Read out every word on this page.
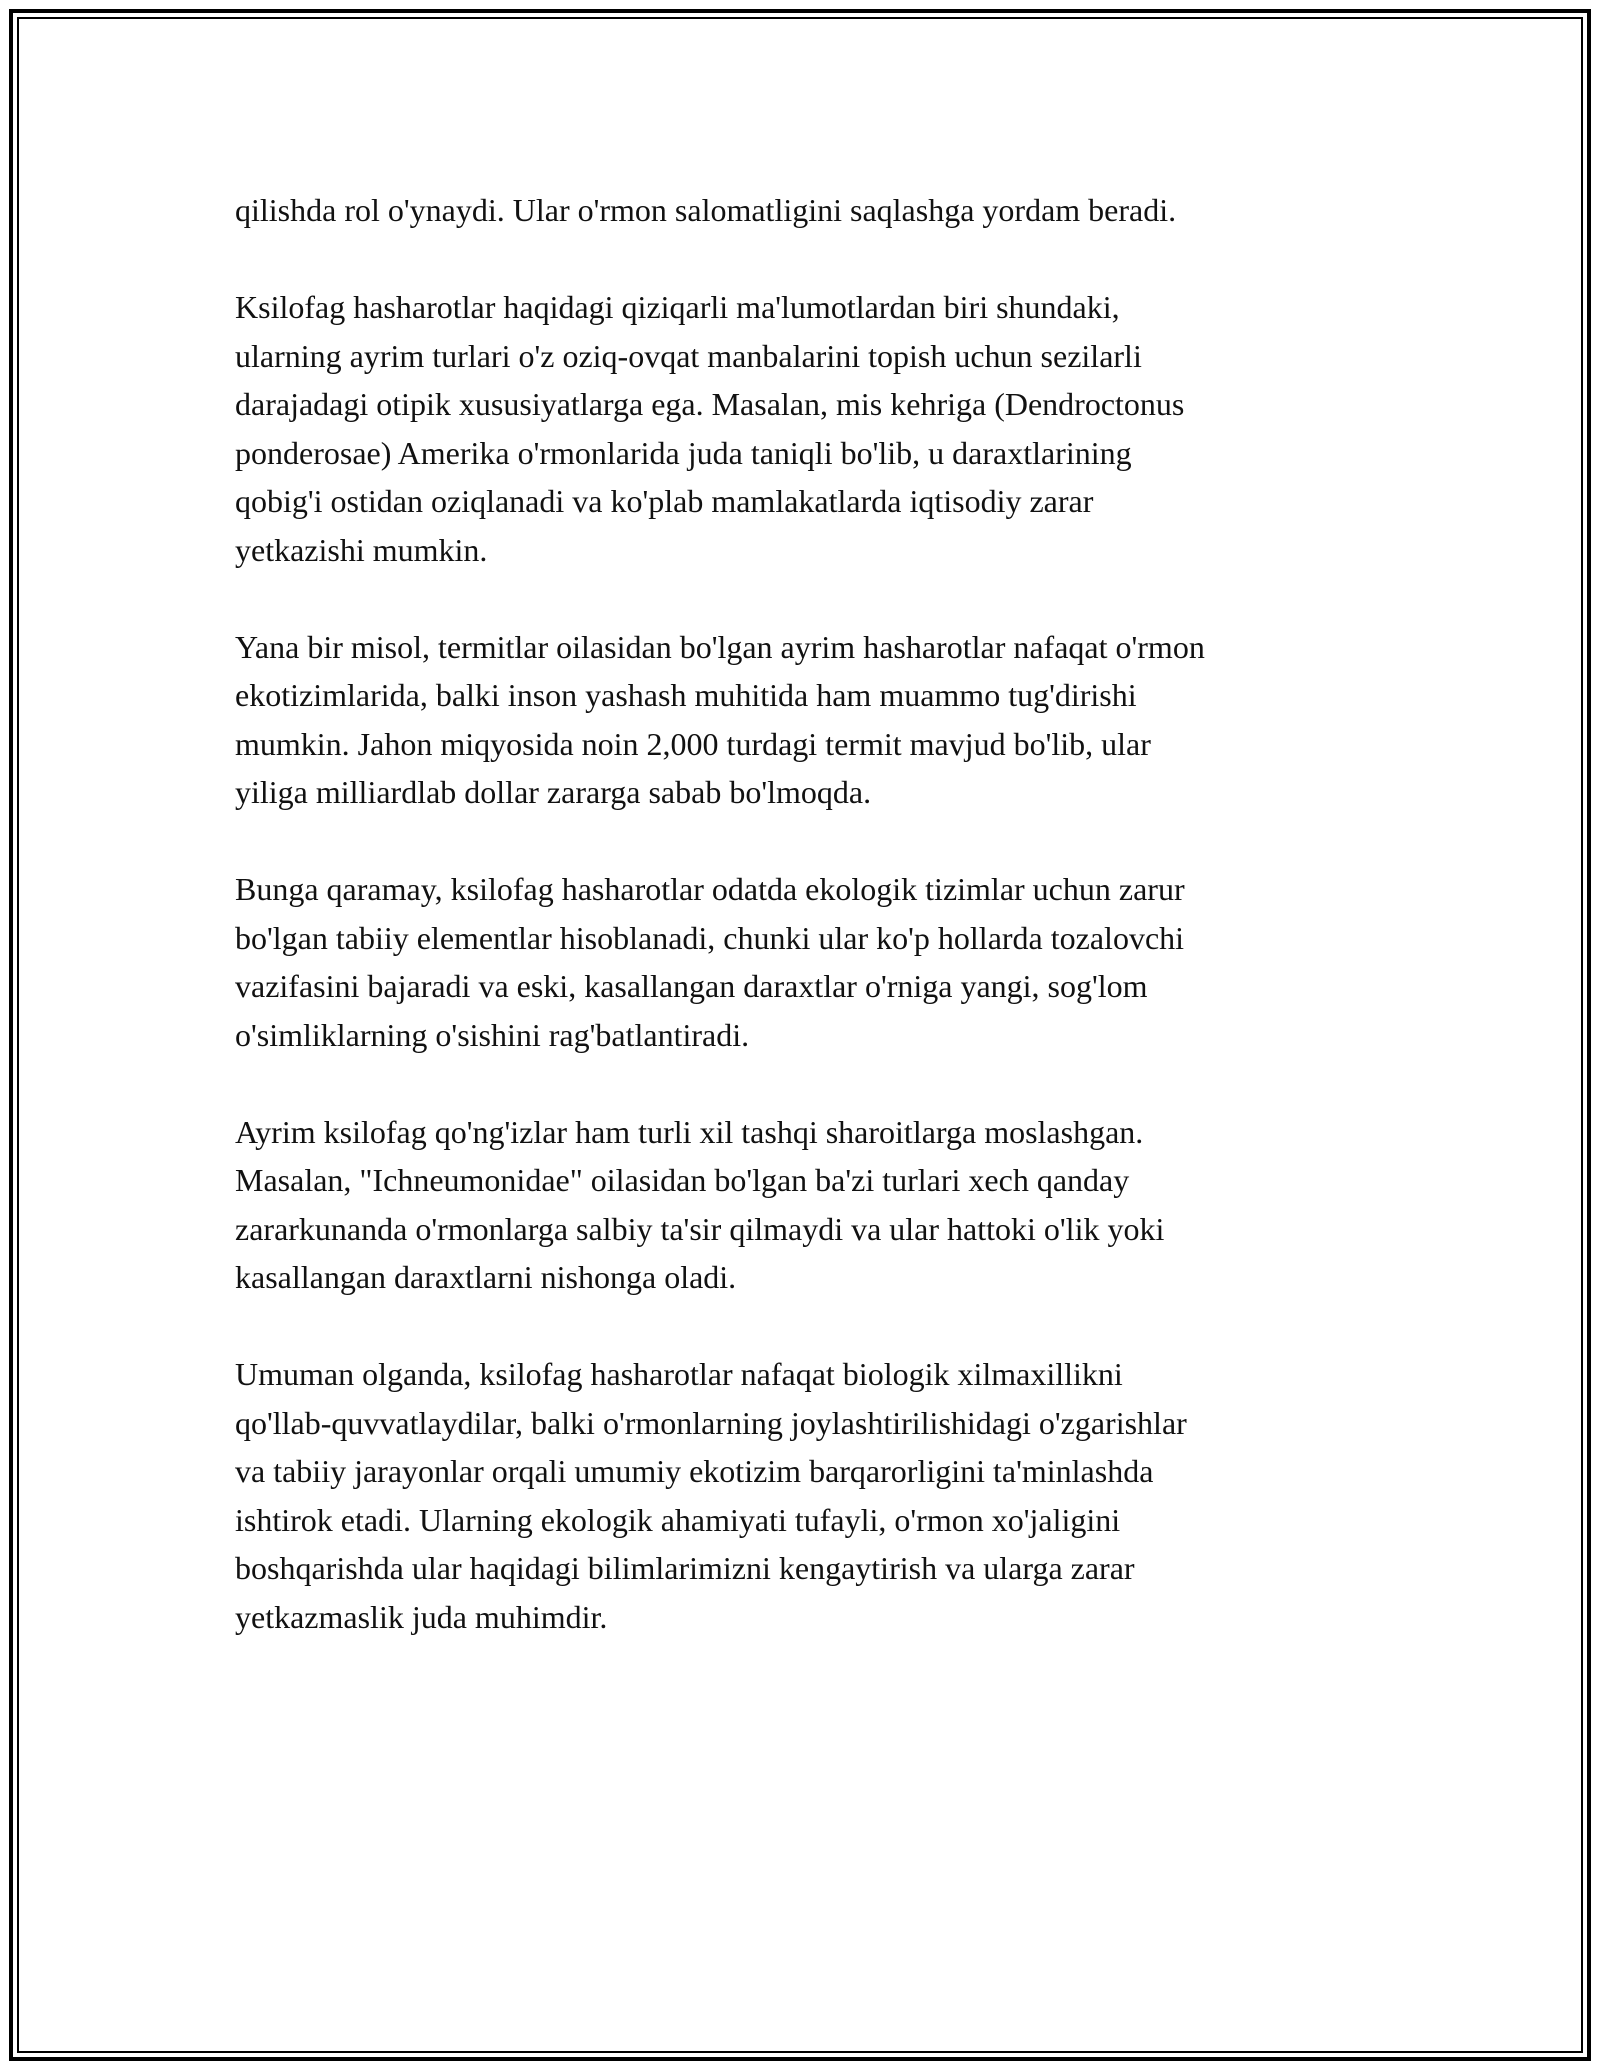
qilishda rol o'ynaydi. Ular o'rmon salomatligini saqlashga yordam beradi.

Ksilofag hasharotlar haqidagi qiziqarli ma'lumotlardan biri shundaki,
ularning ayrim turlari o'z oziq-ovqat manbalarini topish uchun sezilarli
darajadagi otipik xususiyatlarga ega. Masalan, mis kehriga (Dendroctonus
ponderosae) Amerika o'rmonlarida juda taniqli bo'lib, u daraxtlarining
qobig'i ostidan oziqlanadi va ko'plab mamlakatlarda iqtisodiy zarar
yetkazishi mumkin.

Yana bir misol, termitlar oilasidan bo'lgan ayrim hasharotlar nafaqat o'rmon
ekotizimlarida, balki inson yashash muhitida ham muammo tug'dirishi
mumkin. Jahon miqyosida noin 2,000 turdagi termit mavjud bo'lib, ular
yiliga milliardlab dollar zararga sabab bo'lmoqda.

Bunga qaramay, ksilofag hasharotlar odatda ekologik tizimlar uchun zarur
bo'lgan tabiiy elementlar hisoblanadi, chunki ular ko'p hollarda tozalovchi
vazifasini bajaradi va eski, kasallangan daraxtlar o'rniga yangi, sog'lom
o'simliklarning o'sishini rag'batlantiradi.

Ayrim ksilofag qo'ng'izlar ham turli xil tashqi sharoitlarga moslashgan.
Masalan, "Ichneumonidae" oilasidan bo'lgan ba'zi turlari xech qanday
zararkunanda o'rmonlarga salbiy ta'sir qilmaydi va ular hattoki o'lik yoki
kasallangan daraxtlarni nishonga oladi.

Umuman olganda, ksilofag hasharotlar nafaqat biologik xilmaxillikni
qo'llab-quvvatlaydilar, balki o'rmonlarning joylashtirilishidagi o'zgarishlar
va tabiiy jarayonlar orqali umumiy ekotizim barqarorligini ta'minlashda
ishtirok etadi. Ularning ekologik ahamiyati tufayli, o'rmon xo'jaligini
boshqarishda ular haqidagi bilimlarimizni kengaytirish va ularga zarar
yetkazmaslik juda muhimdir.
